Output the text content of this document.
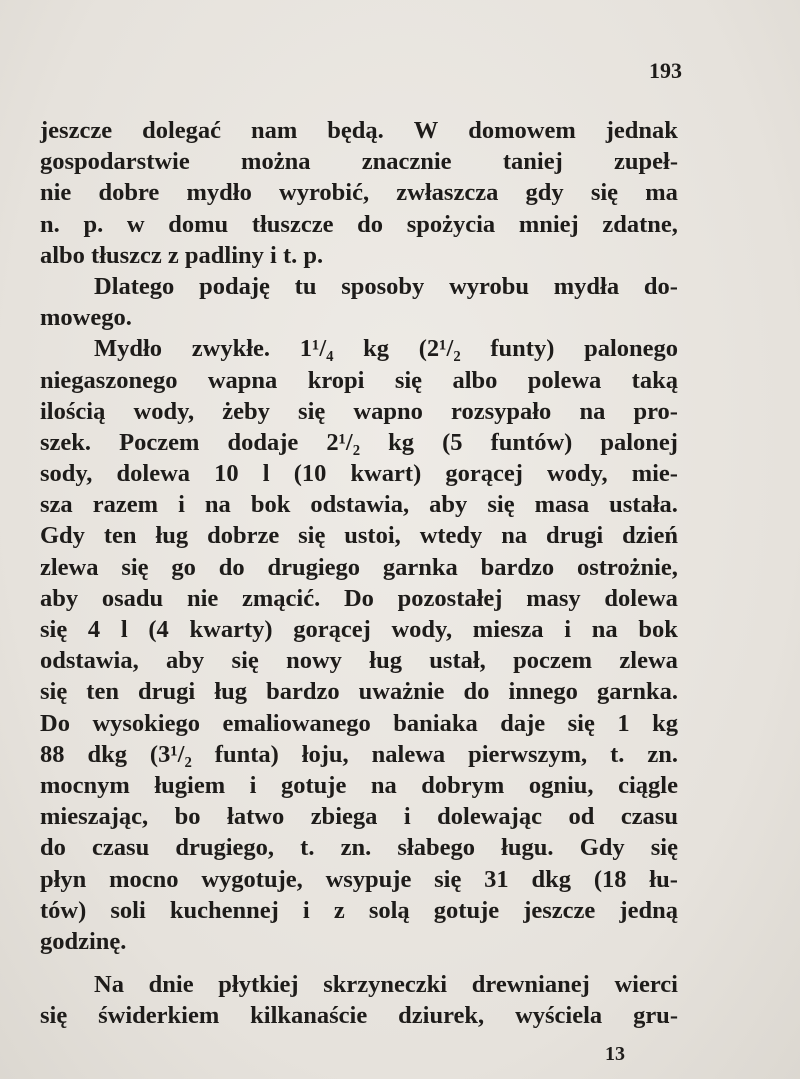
193
jeszcze dolegać nam będą. W domowem jednak
gospodarstwie można znacznie taniej zupeł-
nie dobre mydło wyrobić, zwłaszcza gdy się ma
n. p. w domu tłuszcze do spożycia mniej zdatne,
albo tłuszcz z padliny i t. p.
Dlatego podaję tu sposoby wyrobu mydła do-
mowego.
Mydło zwykłe. 1¹/₄ kg (2¹/₂ funty) palonego
niegaszonego wapna kropi się albo polewa taką
ilością wody, żeby się wapno rozsypało na pro-
szek. Poczem dodaje 2¹/₂ kg (5 funtów) palonej
sody, dolewa 10 l (10 kwart) gorącej wody, mie-
sza razem i na bok odstawia, aby się masa ustała.
Gdy ten ług dobrze się ustoi, wtedy na drugi dzień
zlewa się go do drugiego garnka bardzo ostrożnie,
aby osadu nie zmącić. Do pozostałej masy dolewa
się 4 l (4 kwarty) gorącej wody, miesza i na bok
odstawia, aby się nowy ług ustał, poczem zlewa
się ten drugi ług bardzo uważnie do innego garnka.
Do wysokiego emaliowanego baniaka daje się 1 kg
88 dkg (3¹/₂ funta) łoju, nalewa pierwszym, t. zn.
mocnym ługiem i gotuje na dobrym ogniu, ciągle
mieszając, bo łatwo zbiega i dolewając od czasu
do czasu drugiego, t. zn. słabego ługu. Gdy się
płyn mocno wygotuje, wsypuje się 31 dkg (18 łu-
tów) soli kuchennej i z solą gotuje jeszcze jedną
godzinę.
Na dnie płytkiej skrzyneczki drewnianej wierci
się świderkiem kilkanaście dziurek, wyściela gru-
13
